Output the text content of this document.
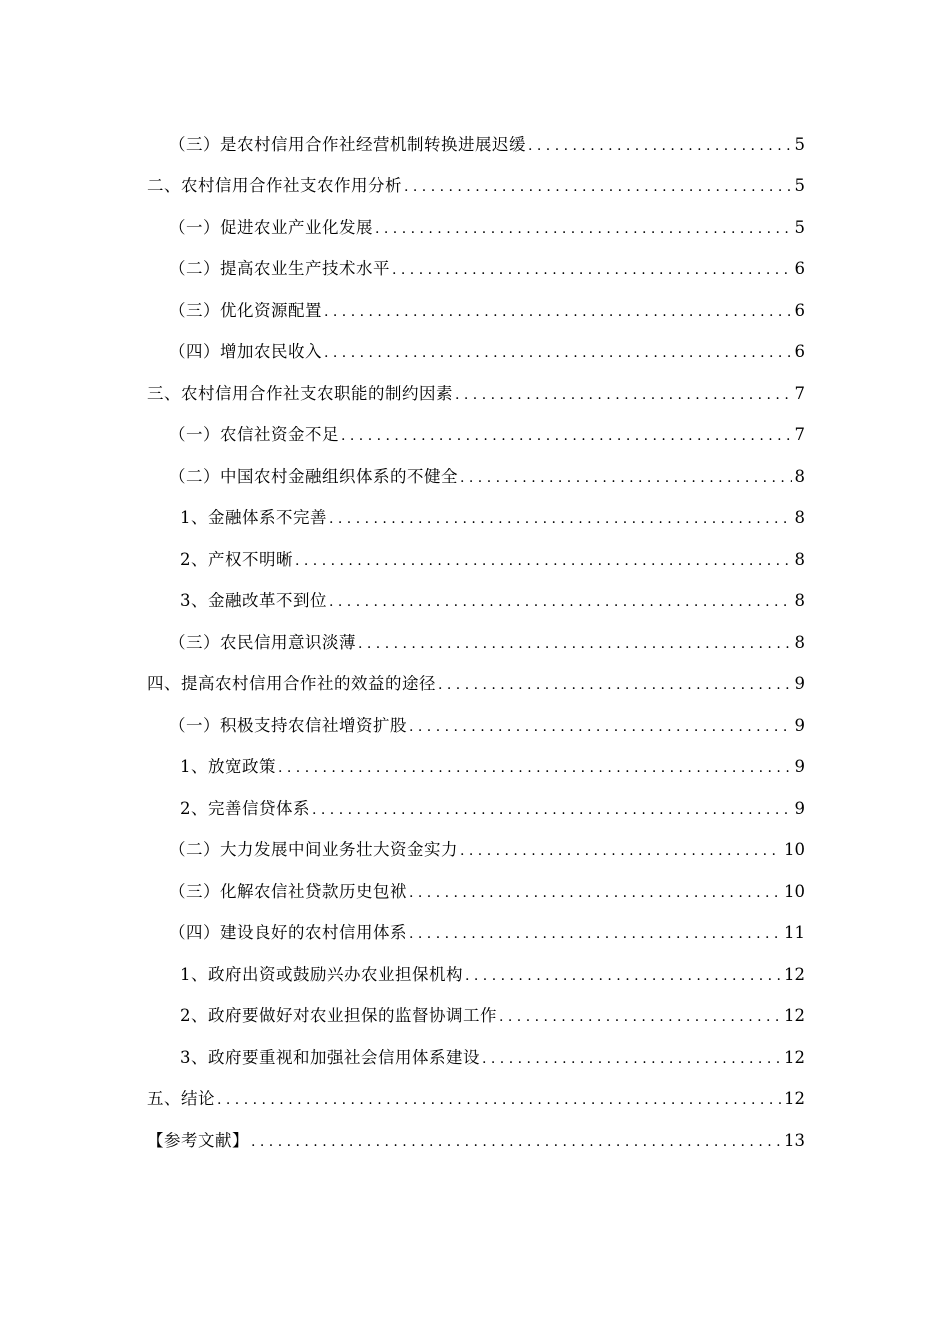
（三）是农村信用合作社经营机制转换进展迟缓 . . .	5
二、农村信用合作社支农作用分析 . . .	5
（一）促进农业产业化发展 . . .	5
（二）提高农业生产技术水平 . . .	6
（三）优化资源配置 . . .	6
（四）增加农民收入 . . .	6
三、农村信用合作社支农职能的制约因素 . . .	7
（一）农信社资金不足 . . .	7
（二）中国农村金融组织体系的不健全 . . .	8
1、金融体系不完善 . . .	8
2、产权不明晰 . . .	8
3、金融改革不到位 . . .	8
（三）农民信用意识淡薄 . . .	8
四、提高农村信用合作社的效益的途径 . . .	9
（一）积极支持农信社增资扩股 . . .	9
1、放宽政策 . . .	9
2、完善信贷体系 . . .	9
（二）大力发展中间业务壮大资金实力 . . .	10
（三）化解农信社贷款历史包袱 . . .	10
（四）建设良好的农村信用体系 . . .	11
1、政府出资或鼓励兴办农业担保机构 . . .	12
2、政府要做好对农业担保的监督协调工作 . . .	12
3、政府要重视和加强社会信用体系建设 . . .	12
五、结论 . . .	12
【参考文献】 . . .	13
